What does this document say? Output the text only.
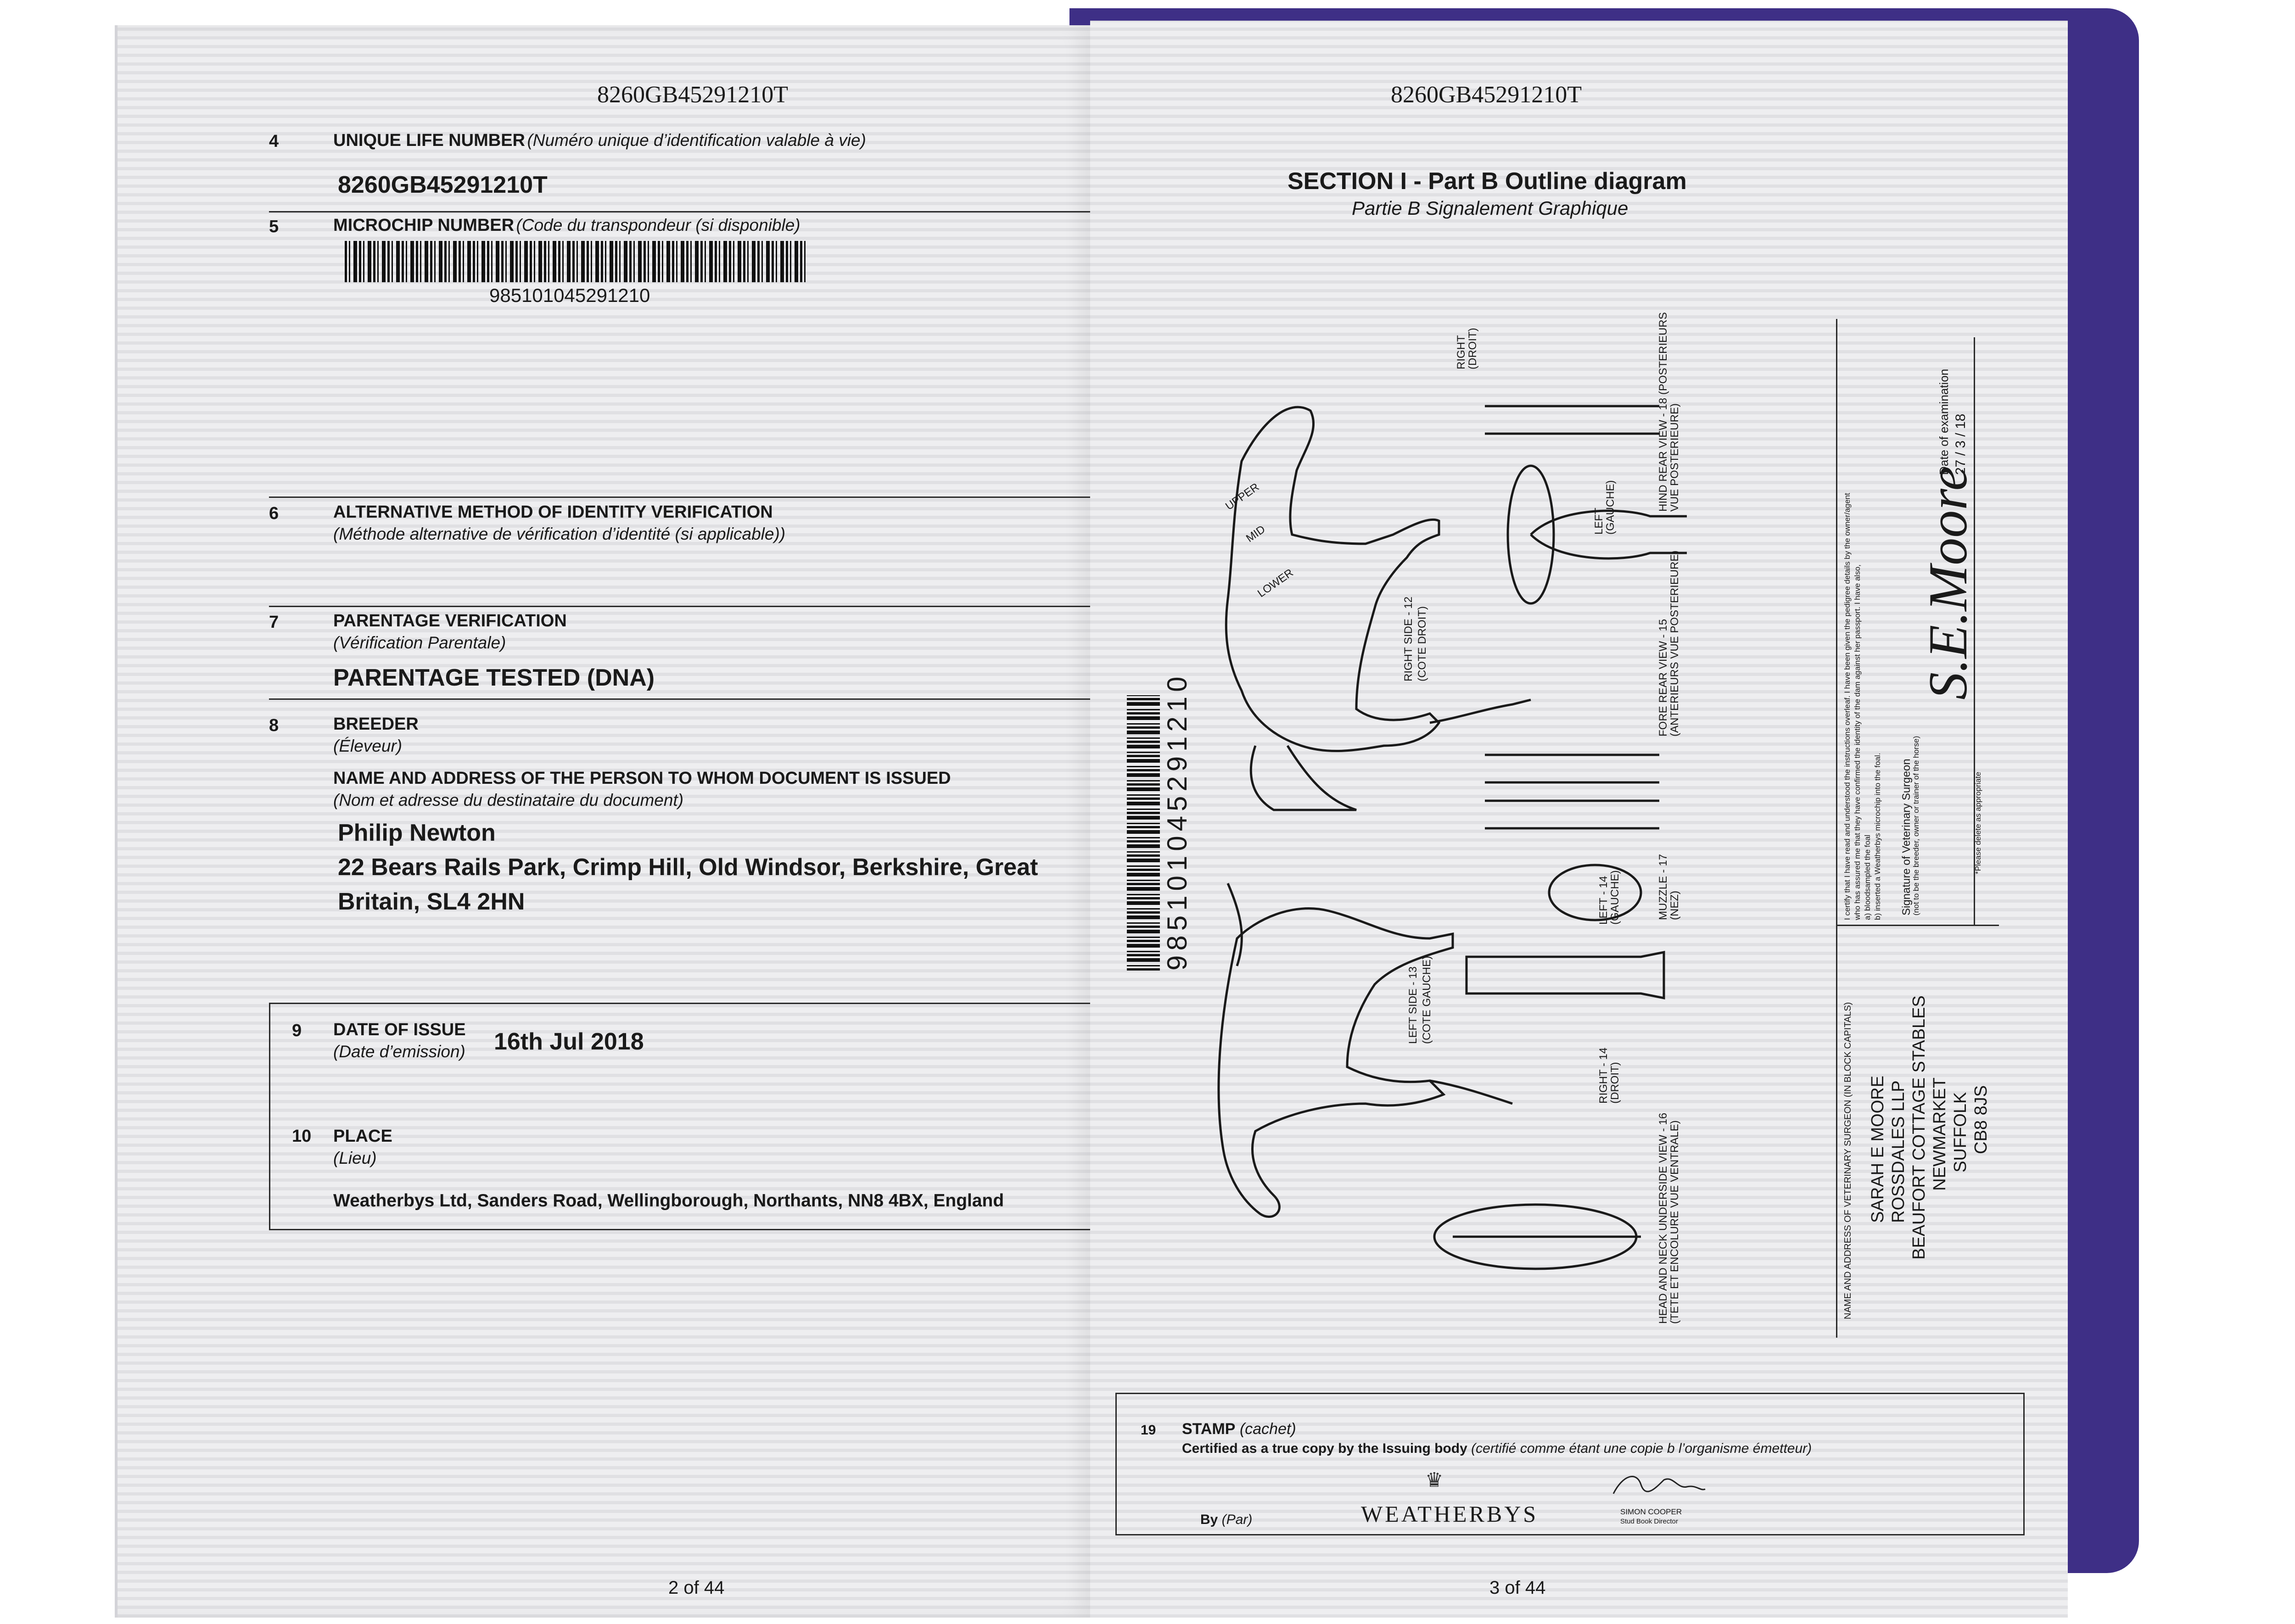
8260GB45291210T
4	UNIQUE LIFE NUMBER (Numéro unique d’identification valable à vie)
8260GB45291210T
5	MICROCHIP NUMBER (Code du transpondeur (si disponible)
985101045291210
6	ALTERNATIVE METHOD OF IDENTITY VERIFICATION
(Méthode alternative de vérification d’identité (si applicable))
7	PARENTAGE VERIFICATION
(Vérification Parentale)
PARENTAGE TESTED (DNA)
8	BREEDER
(Éleveur)
NAME AND ADDRESS OF THE PERSON TO WHOM DOCUMENT IS ISSUED
(Nom et adresse du destinataire du document)
Philip Newton
22 Bears Rails Park, Crimp Hill, Old Windsor, Berkshire, Great
Britain, SL4 2HN
9 DATE OF ISSUE
(Date d’emission) 16th Jul 2018
10 PLACE
(Lieu)
Weatherbys Ltd, Sanders Road, Wellingborough, Northants, NN8 4BX, England
2 of 44
8260GB45291210T
SECTION I - Part B Outline diagram
Partie B Signalement Graphique
985101045291210
UPPER
MID
LOWER
RIGHT SIDE - 12 (COTE DROIT)
LEFT SIDE - 13 (COTE GAUCHE)
LEFT - 14
(GAUCHE)
RIGHT - 14
(DROIT)
MUZZLE - 17
(NEZ)
FORE REAR VIEW - 15
(ANTERIEURS VUE POSTERIEURE)
HIND REAR VIEW - 18 (POSTERIEURS
VUE POSTERIEURE)
HEAD AND NECK UNDERSIDE VIEW - 16
(TETE ET ENCOLURE VUE VENTRALE)
RIGHT
(DROIT)
LEFT
(GAUCHE)
NAME AND ADDRESS OF VETERINARY SURGEON (IN BLOCK CAPITALS) SARAH E MOORE ROSSDALES LLP BEAUFORT COTTAGE STABLES NEWMARKET SUFFOLK CB8 8JS
I certify that I have read and understood the instructions overleaf. I have been given the pedigree details by the owner/agent who has assured me that they have confirmed the identity of the dam against her passport. I have also, a) bloodsampled the foal b) inserted a Weatherbys microchip into the foal. Signature of Veterinary Surgeon
(not to be the breeder, owner or trainer of the horse)
S.E.Moore
Date of examination 27 / 3 / 18
*Please delete as appropriate
19 STAMP (cachet)
Certified as a true copy by the Issuing body (certifié comme étant une copie b l’organisme émetteur)
♛
WEATHERBYS	SIMON COOPER
Stud Book Director
By (Par)
3 of 44
